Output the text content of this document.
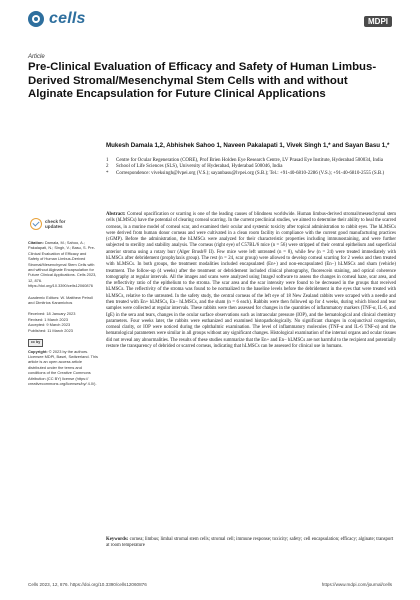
cells	MDPI
Article
Pre-Clinical Evaluation of Efficacy and Safety of Human Limbus-Derived Stromal/Mesenchymal Stem Cells with and without Alginate Encapsulation for Future Clinical Applications
Mukesh Damala 1,2, Abhishek Sahoo 1, Naveen Pakalapati 1, Vivek Singh 1,* and Sayan Basu 1,*
1	Centre for Ocular Regeneration (CORE), Prof Brien Holden Eye Research Centre, LV Prasad Eye Institute, Hyderabad 500034, India
2	School of Life Sciences (SLS), University of Hyderabad, Hyderabad 500046, India
*	Correspondence: viveksingh@lvpei.org (V.S.); sayanbasu@lvpei.org (S.B.); Tel.: +91-40-6810-2286 (V.S.); +91-40-6810-2555 (S.B.)
check for
updates

Citation: Damala, M.; Sahoo, A.; Pakalapati, N.; Singh, V.; Basu, S. Pre-Clinical Evaluation of Efficacy and Safety of Human Limbus-Derived Stromal/Mesenchymal Stem Cells with and without Alginate Encapsulation for Future Clinical Applications. Cells 2023, 12, 876. https://doi.org/10.3390/cells12060876

Academic Editors: W. Matthew Petroll and Dimitrios Karamichos

Received: 18 January 2023
Revised: 1 March 2023
Accepted: 9 March 2023
Published: 11 March 2023

cc by

Copyright: © 2023 by the authors. Licensee MDPI, Basel, Switzerland. This article is an open access article distributed under the terms and conditions of the Creative Commons Attribution (CC BY) license (https:// creativecommons.org/licenses/by/ 4.0/).

Abstract: Corneal opacification or scarring is one of the leading causes of blindness worldwide. Human limbus-derived stromal/mesenchymal stem cells (hLMSCs) have the potential of clearing corneal scarring. In the current preclinical studies, we aimed to determine their ability to heal the scarred corneas, in a murine model of corneal scar, and examined their ocular and systemic toxicity after topical administration to rabbit eyes. The hLMSCs were derived from human donor corneas and were cultivated in a clean room facility in compliance with the current good manufacturing practices (cGMP). Before the administration, the hLMSCs were analyzed for their characteristic properties including immunostaining, and were further subjected to sterility and stability analysis. The corneas (right eye) of C57BL/6 mice (n = 56) were stripped of their central epithelium and superficial anterior stroma using a rotary burr (Alger Brush® II). Few mice were left untreated (n = 8), while few (n = 24) were treated immediately with hLMSCs after debridement (prophylaxis group). The rest (n = 24, scar group) were allowed to develop corneal scarring for 2 weeks and then treated with hLMSCs. In both groups, the treatment modalities included encapsulated (En+) and non-encapsulated (En−) hLMSCs and sham (vehicle) treatment. The follow-up (4 weeks) after the treatment or debridement included clinical photography, fluorescein staining, and optical coherence tomography at regular intervals. All the images and scans were analyzed using ImageJ software to assess the changes in corneal haze, scar area, and the reflectivity ratio of the epithelium to the stroma. The scar area and the scar intensity were found to be decreased in the groups that received hLMSCs. The reflectivity of the stroma was found to be normalized to the baseline levels before the debridement in the eyes that were treated with hLMSCs, relative to the untreated. In the safety study, the central corneas of the left eye of 18 New Zealand rabbits were scraped with a needle and then treated with En+ hLMSCs, En− hLMSCs, and the sham (n = 6 each). Rabbits were then followed up for 4 weeks, during which blood and tear samples were collected at regular intervals. These rabbits were then assessed for changes in the quantities of inflammatory markers (TNF-α, IL-6, and IgE) in the sera and tears, changes in the ocular surface observations such as intraocular pressure (IOP), and the hematological and clinical chemistry parameters. Four weeks later, the rabbits were euthanized and examined histopathologically. No significant changes in conjunctival congestion, corneal clarity, or IOP were noticed during the ophthalmic examination. The level of inflammatory molecules (TNF-α and IL-6 TNF-α) and the hematological parameters were similar in all groups without any significant changes. Histological examination of the internal organs and ocular tissues did not reveal any abnormalities. The results of these studies summarize that the En+ and En− hLMSCs are not harmful to the recipient and potentially restore the transparency of debrided or scarred corneas, indicating that hLMSCs can be assessed for clinical use in humans.
Keywords: cornea; limbus; limbal stromal stem cells; stromal cell; immune response; toxicity; safety; cell encapsulation; efficacy; alginate; transport at room temperature
Cells 2023, 12, 876. https://doi.org/10.3390/cells12060876	https://www.mdpi.com/journal/cells
